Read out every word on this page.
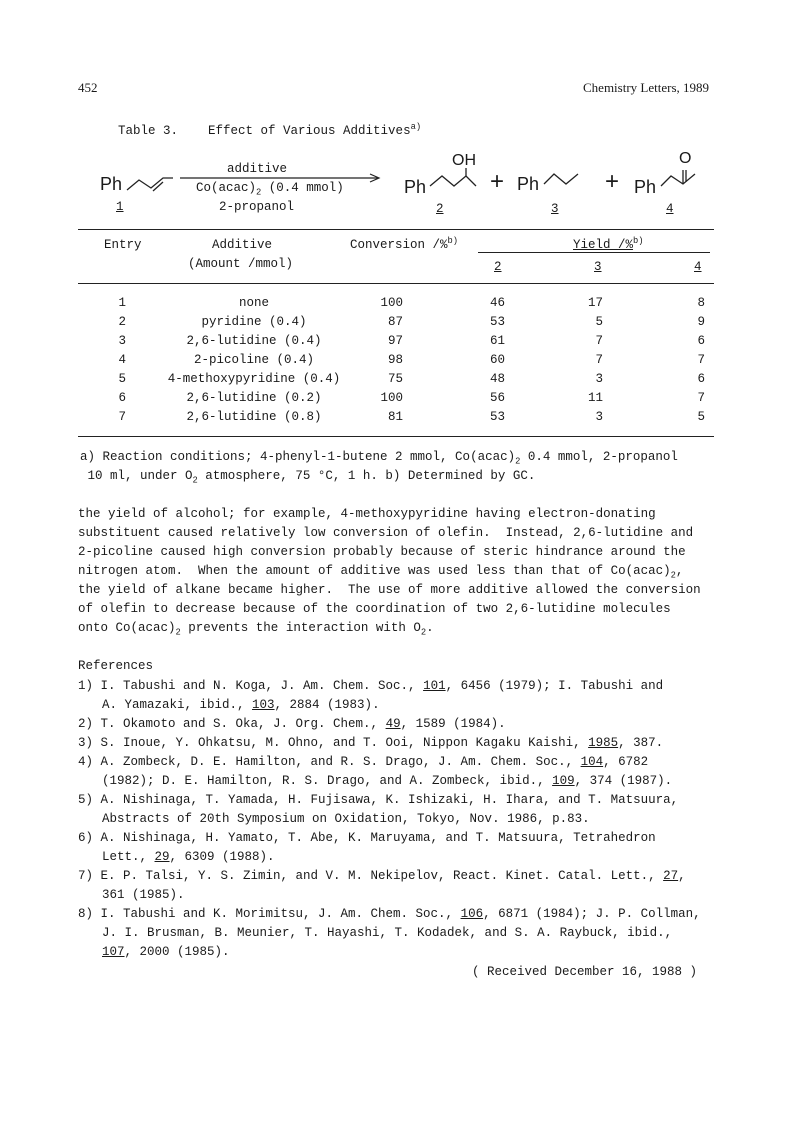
452	Chemistry Letters, 1989
Table 3. Effect of Various Additives$^{a)}$
Ph
1
additive
$Co(acac)_2$ (0.4 mmol)
2-propanol
Ph
OH
2
+ Ph
3
+ Ph
O
4
Entry	Additive
(Amount /mmol)
Conversion /%$^{b)}$	Yield /%$^{b)}$
2	3	4
1	none	100	46	17	8
2	pyridine (0.4)	87	53	5	9
3	2,6-lutidine (0.4)	97	61	7	6
4	2-picoline (0.4)	98	60	7	7
5	4-methoxypyridine (0.4)	75	48	3	6
6	2,6-lutidine (0.2)	100	56	11	7
7	2,6-lutidine (0.8)	81	53	3	5
a) Reaction conditions; 4-phenyl-1-butene 2 mmol, $Co(acac)_2$ 0.4 mmol, 2-propanol
10 ml, under $O_2$ atmosphere, 75 °C, 1 h. b) Determined by GC.
the yield of alcohol; for example, 4-methoxypyridine having electron-donating
substituent caused relatively low conversion of olefin.  Instead, 2,6-lutidine and
2-picoline caused high conversion probably because of steric hindrance around the
nitrogen atom.  When the amount of additive was used less than that of $Co(acac)_2$,
the yield of alkane became higher.  The use of more additive allowed the conversion
of olefin to decrease because of the coordination of two 2,6-lutidine molecules
onto $Co(acac)_2$ prevents the interaction with $O_2$.
References
1) I. Tabushi and N. Koga, J. Am. Chem. Soc., 101, 6456 (1979); I. Tabushi and
A. Yamazaki, ibid., 103, 2884 (1983).
2) T. Okamoto and S. Oka, J. Org. Chem., 49, 1589 (1984).
3) S. Inoue, Y. Ohkatsu, M. Ohno, and T. Ooi, Nippon Kagaku Kaishi, 1985, 387.
4) A. Zombeck, D. E. Hamilton, and R. S. Drago, J. Am. Chem. Soc., 104, 6782
(1982); D. E. Hamilton, R. S. Drago, and A. Zombeck, ibid., 109, 374 (1987).
5) A. Nishinaga, T. Yamada, H. Fujisawa, K. Ishizaki, H. Ihara, and T. Matsuura,
Abstracts of 20th Symposium on Oxidation, Tokyo, Nov. 1986, p.83.
6) A. Nishinaga, H. Yamato, T. Abe, K. Maruyama, and T. Matsuura, Tetrahedron
Lett., 29, 6309 (1988).
7) E. P. Talsi, Y. S. Zimin, and V. M. Nekipelov, React. Kinet. Catal. Lett., 27,
361 (1985).
8) I. Tabushi and K. Morimitsu, J. Am. Chem. Soc., 106, 6871 (1984); J. P. Collman,
J. I. Brusman, B. Meunier, T. Hayashi, T. Kodadek, and S. A. Raybuck, ibid.,
107, 2000 (1985).
( Received December 16, 1988 )
